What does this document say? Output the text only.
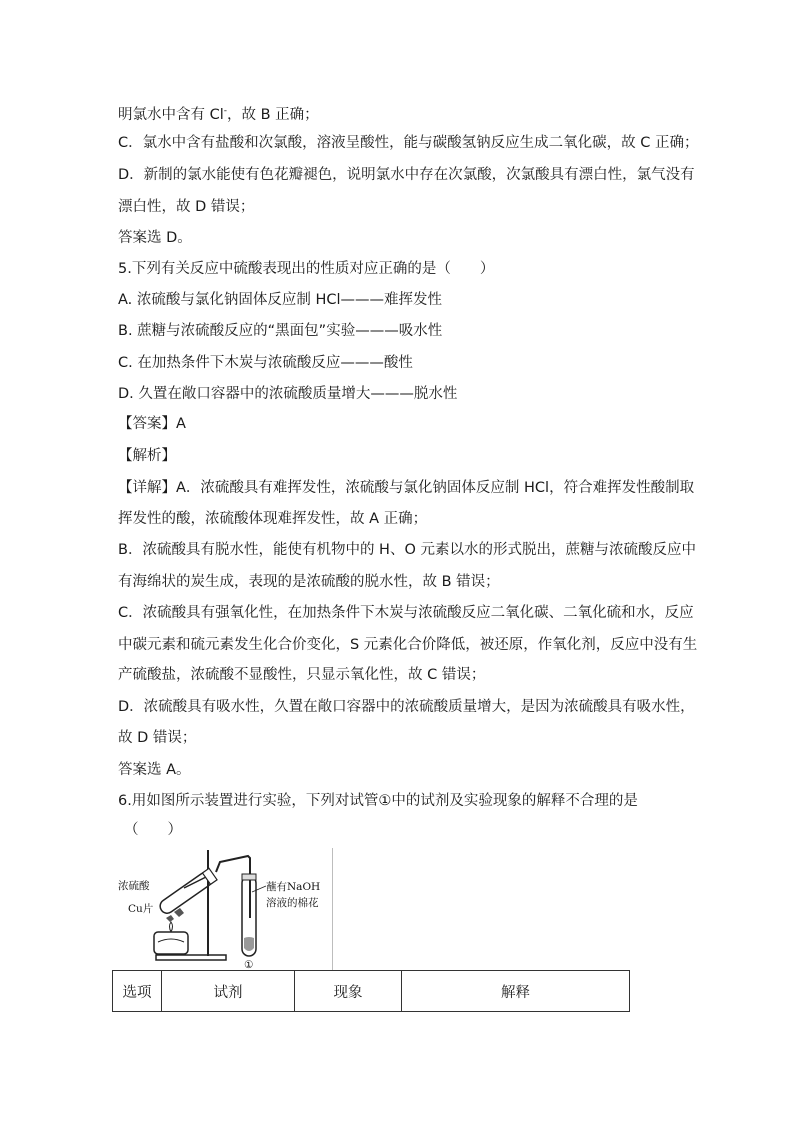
明氯水中含有 Cl-，故 B 正确；
C．氯水中含有盐酸和次氯酸，溶液呈酸性，能与碳酸氢钠反应生成二氧化碳，故 C 正确；
D．新制的氯水能使有色花瓣褪色，说明氯水中存在次氯酸，次氯酸具有漂白性，氯气没有
漂白性，故 D 错误；
答案选 D。
5.下列有关反应中硫酸表现出的性质对应正确的是（　　）
A. 浓硫酸与氯化钠固体反应制 HCl———难挥发性
B. 蔗糖与浓硫酸反应的“黑面包”实验———吸水性
C. 在加热条件下木炭与浓硫酸反应———酸性
D. 久置在敞口容器中的浓硫酸质量增大———脱水性
【答案】A
【解析】
【详解】A．浓硫酸具有难挥发性，浓硫酸与氯化钠固体反应制 HCl，符合难挥发性酸制取
挥发性的酸，浓硫酸体现难挥发性，故 A 正确；
B．浓硫酸具有脱水性，能使有机物中的 H、O 元素以水的形式脱出，蔗糖与浓硫酸反应中
有海绵状的炭生成，表现的是浓硫酸的脱水性，故 B 错误；
C．浓硫酸具有强氧化性，在加热条件下木炭与浓硫酸反应二氧化碳、二氧化硫和水，反应
中碳元素和硫元素发生化合价变化，S 元素化合价降低，被还原，作氧化剂，反应中没有生
产硫酸盐，浓硫酸不显酸性，只显示氧化性，故 C 错误；
D．浓硫酸具有吸水性，久置在敞口容器中的浓硫酸质量增大，是因为浓硫酸具有吸水性，
故 D 错误；
答案选 A。
6.用如图所示装置进行实验，下列对试管①中的试剂及实验现象的解释不合理的是
（　　）
浓硫酸
Cu片
蘸有NaOH
溶液的棉花
①
选项	试剂	现象	解释
